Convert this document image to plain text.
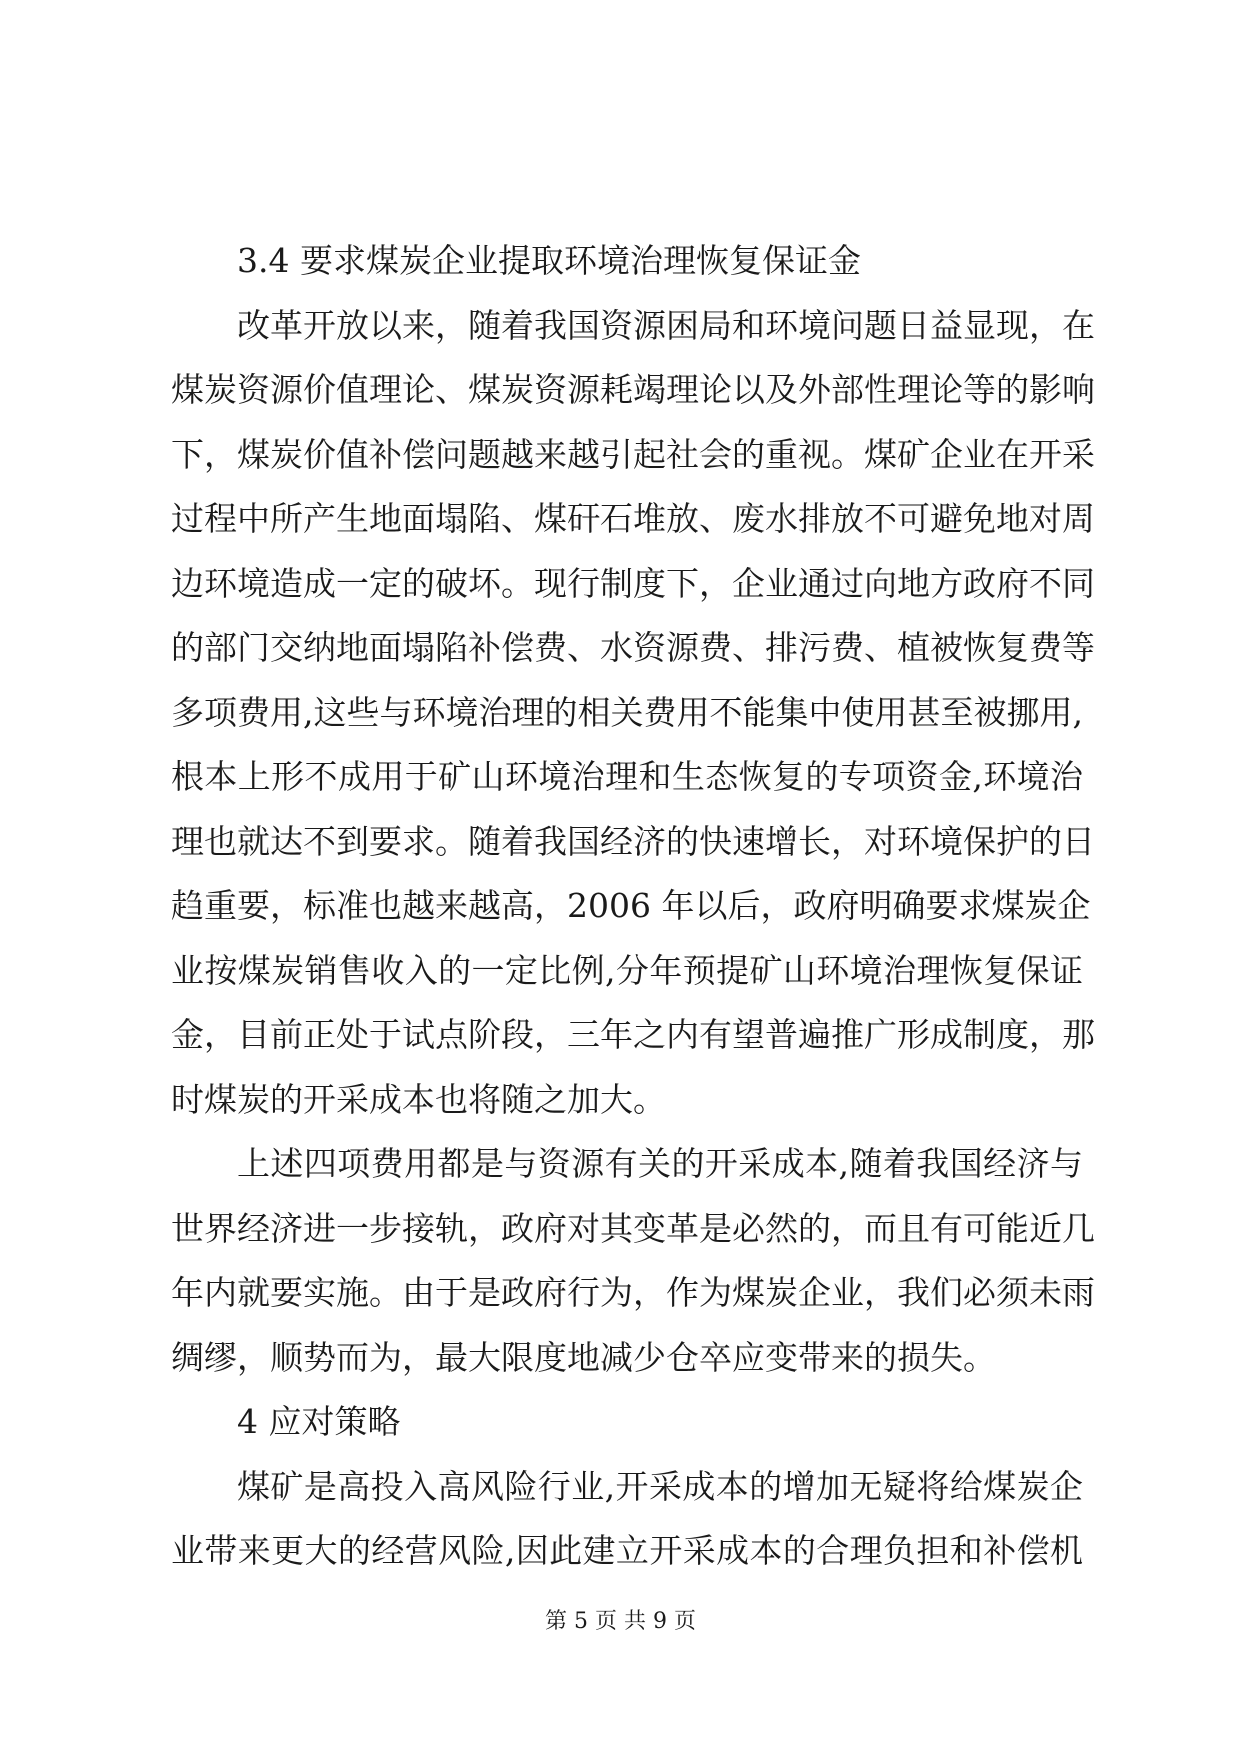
3.4 要求煤炭企业提取环境治理恢复保证金
改革开放以来，随着我国资源困局和环境问题日益显现，在
煤炭资源价值理论、煤炭资源耗竭理论以及外部性理论等的影响
下，煤炭价值补偿问题越来越引起社会的重视。煤矿企业在开采
过程中所产生地面塌陷、煤矸石堆放、废水排放不可避免地对周
边环境造成一定的破坏。现行制度下，企业通过向地方政府不同
的部门交纳地面塌陷补偿费、水资源费、排污费、植被恢复费等
多项费用,这些与环境治理的相关费用不能集中使用甚至被挪用,
根本上形不成用于矿山环境治理和生态恢复的专项资金,环境治
理也就达不到要求。随着我国经济的快速增长，对环境保护的日
趋重要，标准也越来越高，2006 年以后，政府明确要求煤炭企
业按煤炭销售收入的一定比例,分年预提矿山环境治理恢复保证
金，目前正处于试点阶段，三年之内有望普遍推广形成制度，那
时煤炭的开采成本也将随之加大。
上述四项费用都是与资源有关的开采成本,随着我国经济与
世界经济进一步接轨，政府对其变革是必然的，而且有可能近几
年内就要实施。由于是政府行为，作为煤炭企业，我们必须未雨
绸缪，顺势而为，最大限度地减少仓卒应变带来的损失。
4 应对策略
煤矿是高投入高风险行业,开采成本的增加无疑将给煤炭企
业带来更大的经营风险,因此建立开采成本的合理负担和补偿机
第 5 页 共 9 页
